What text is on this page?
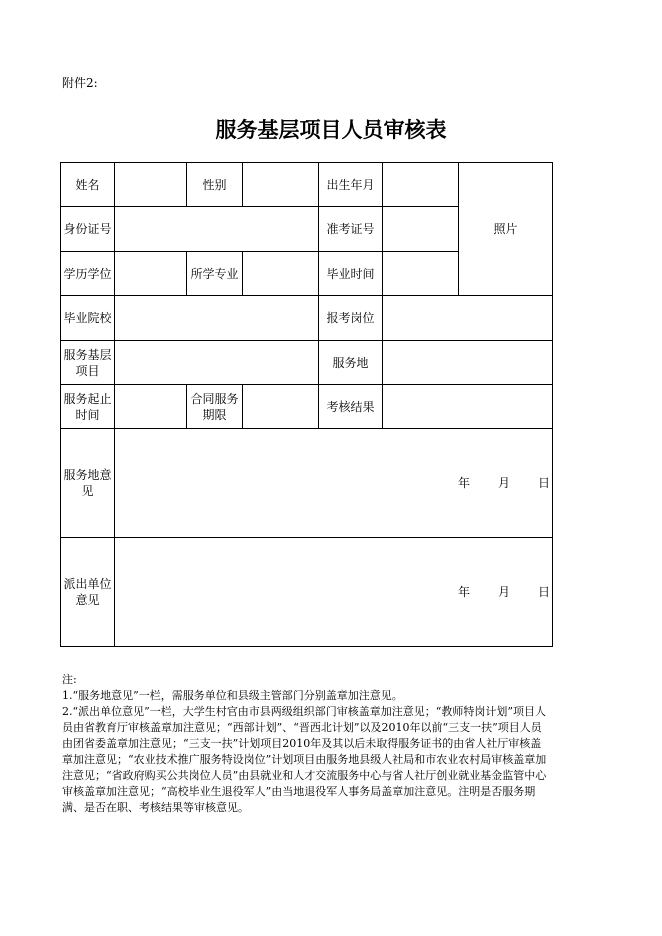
附件2:
服务基层项目人员审核表
姓名		性别		出生年月		照片
身份证号				准考证号		
学历学位		所学专业		毕业时间		
毕业院校				报考岗位		

服务基层项目				服务地		

服务起止时间		合同服务期限		考核结果		
服务地意见	年 月 日					
派出单位意见	年 月 日					

注:

1.“服务地意见”一栏，需服务单位和县级主管部门分别盖章加注意见。

2.“派出单位意见”一栏，大学生村官由市县两级组织部门审核盖章加注意见；“教师特岗计划”项目人员由省教育厅审核盖章加注意见；“西部计划”、“晋西北计划”以及2010年以前“三支一扶”项目人员由团省委盖章加注意见；“三支一扶”计划项目2010年及其以后未取得服务证书的由省人社厅审核盖章加注意见；“农业技术推广服务特设岗位”计划项目由服务地县级人社局和市农业农村局审核盖章加注意见；“省政府购买公共岗位人员”由县就业和人才交流服务中心与省人社厅创业就业基金监管中心审核盖章加注意见；“高校毕业生退役军人”由当地退役军人事务局盖章加注意见。注明是否服务期满、是否在职、考核结果等审核意见。
